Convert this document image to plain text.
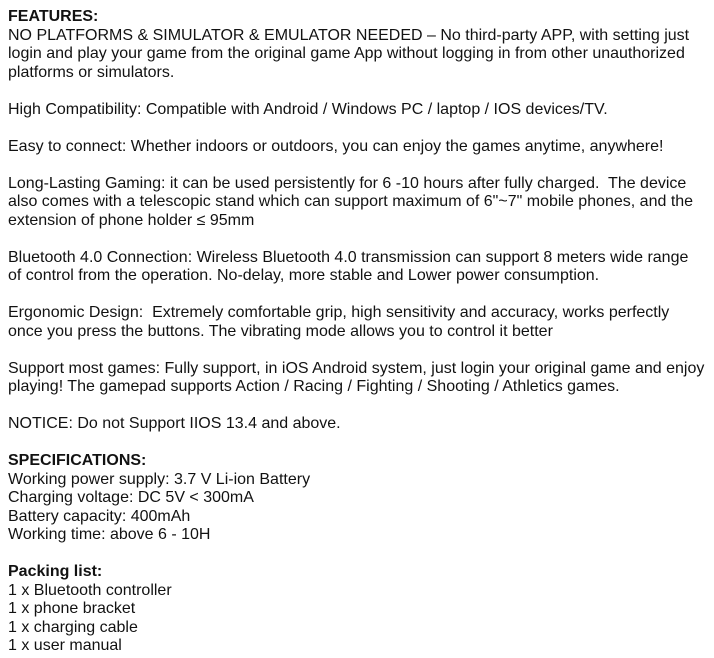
FEATURES:

NO PLATFORMS & SIMULATOR & EMULATOR NEEDED – No third-party APP, with setting just login and play your game from the original game App without logging in from other unauthorized platforms or simulators.

High Compatibility: Compatible with Android / Windows PC / laptop / IOS devices/TV.

Easy to connect: Whether indoors or outdoors, you can enjoy the games anytime, anywhere!

Long-Lasting Gaming: it can be used persistently for 6 -10 hours after fully charged.  The device also comes with a telescopic stand which can support maximum of 6"~7" mobile phones, and the extension of phone holder ≤ 95mm

Bluetooth 4.0 Connection: Wireless Bluetooth 4.0 transmission can support 8 meters wide range of control from the operation. No-delay, more stable and Lower power consumption.

Ergonomic Design:  Extremely comfortable grip, high sensitivity and accuracy, works perfectly once you press the buttons. The vibrating mode allows you to control it better

Support most games: Fully support, in iOS Android system, just login your original game and enjoy playing! The gamepad supports Action / Racing / Fighting / Shooting / Athletics games.

NOTICE: Do not Support IIOS 13.4 and above.

SPECIFICATIONS:

Working power supply: 3.7 V Li-ion Battery

Charging voltage: DC 5V < 300mA

Battery capacity: 400mAh

Working time: above 6 - 10H

Packing list:

1 x Bluetooth controller

1 x phone bracket

1 x charging cable

1 x user manual
